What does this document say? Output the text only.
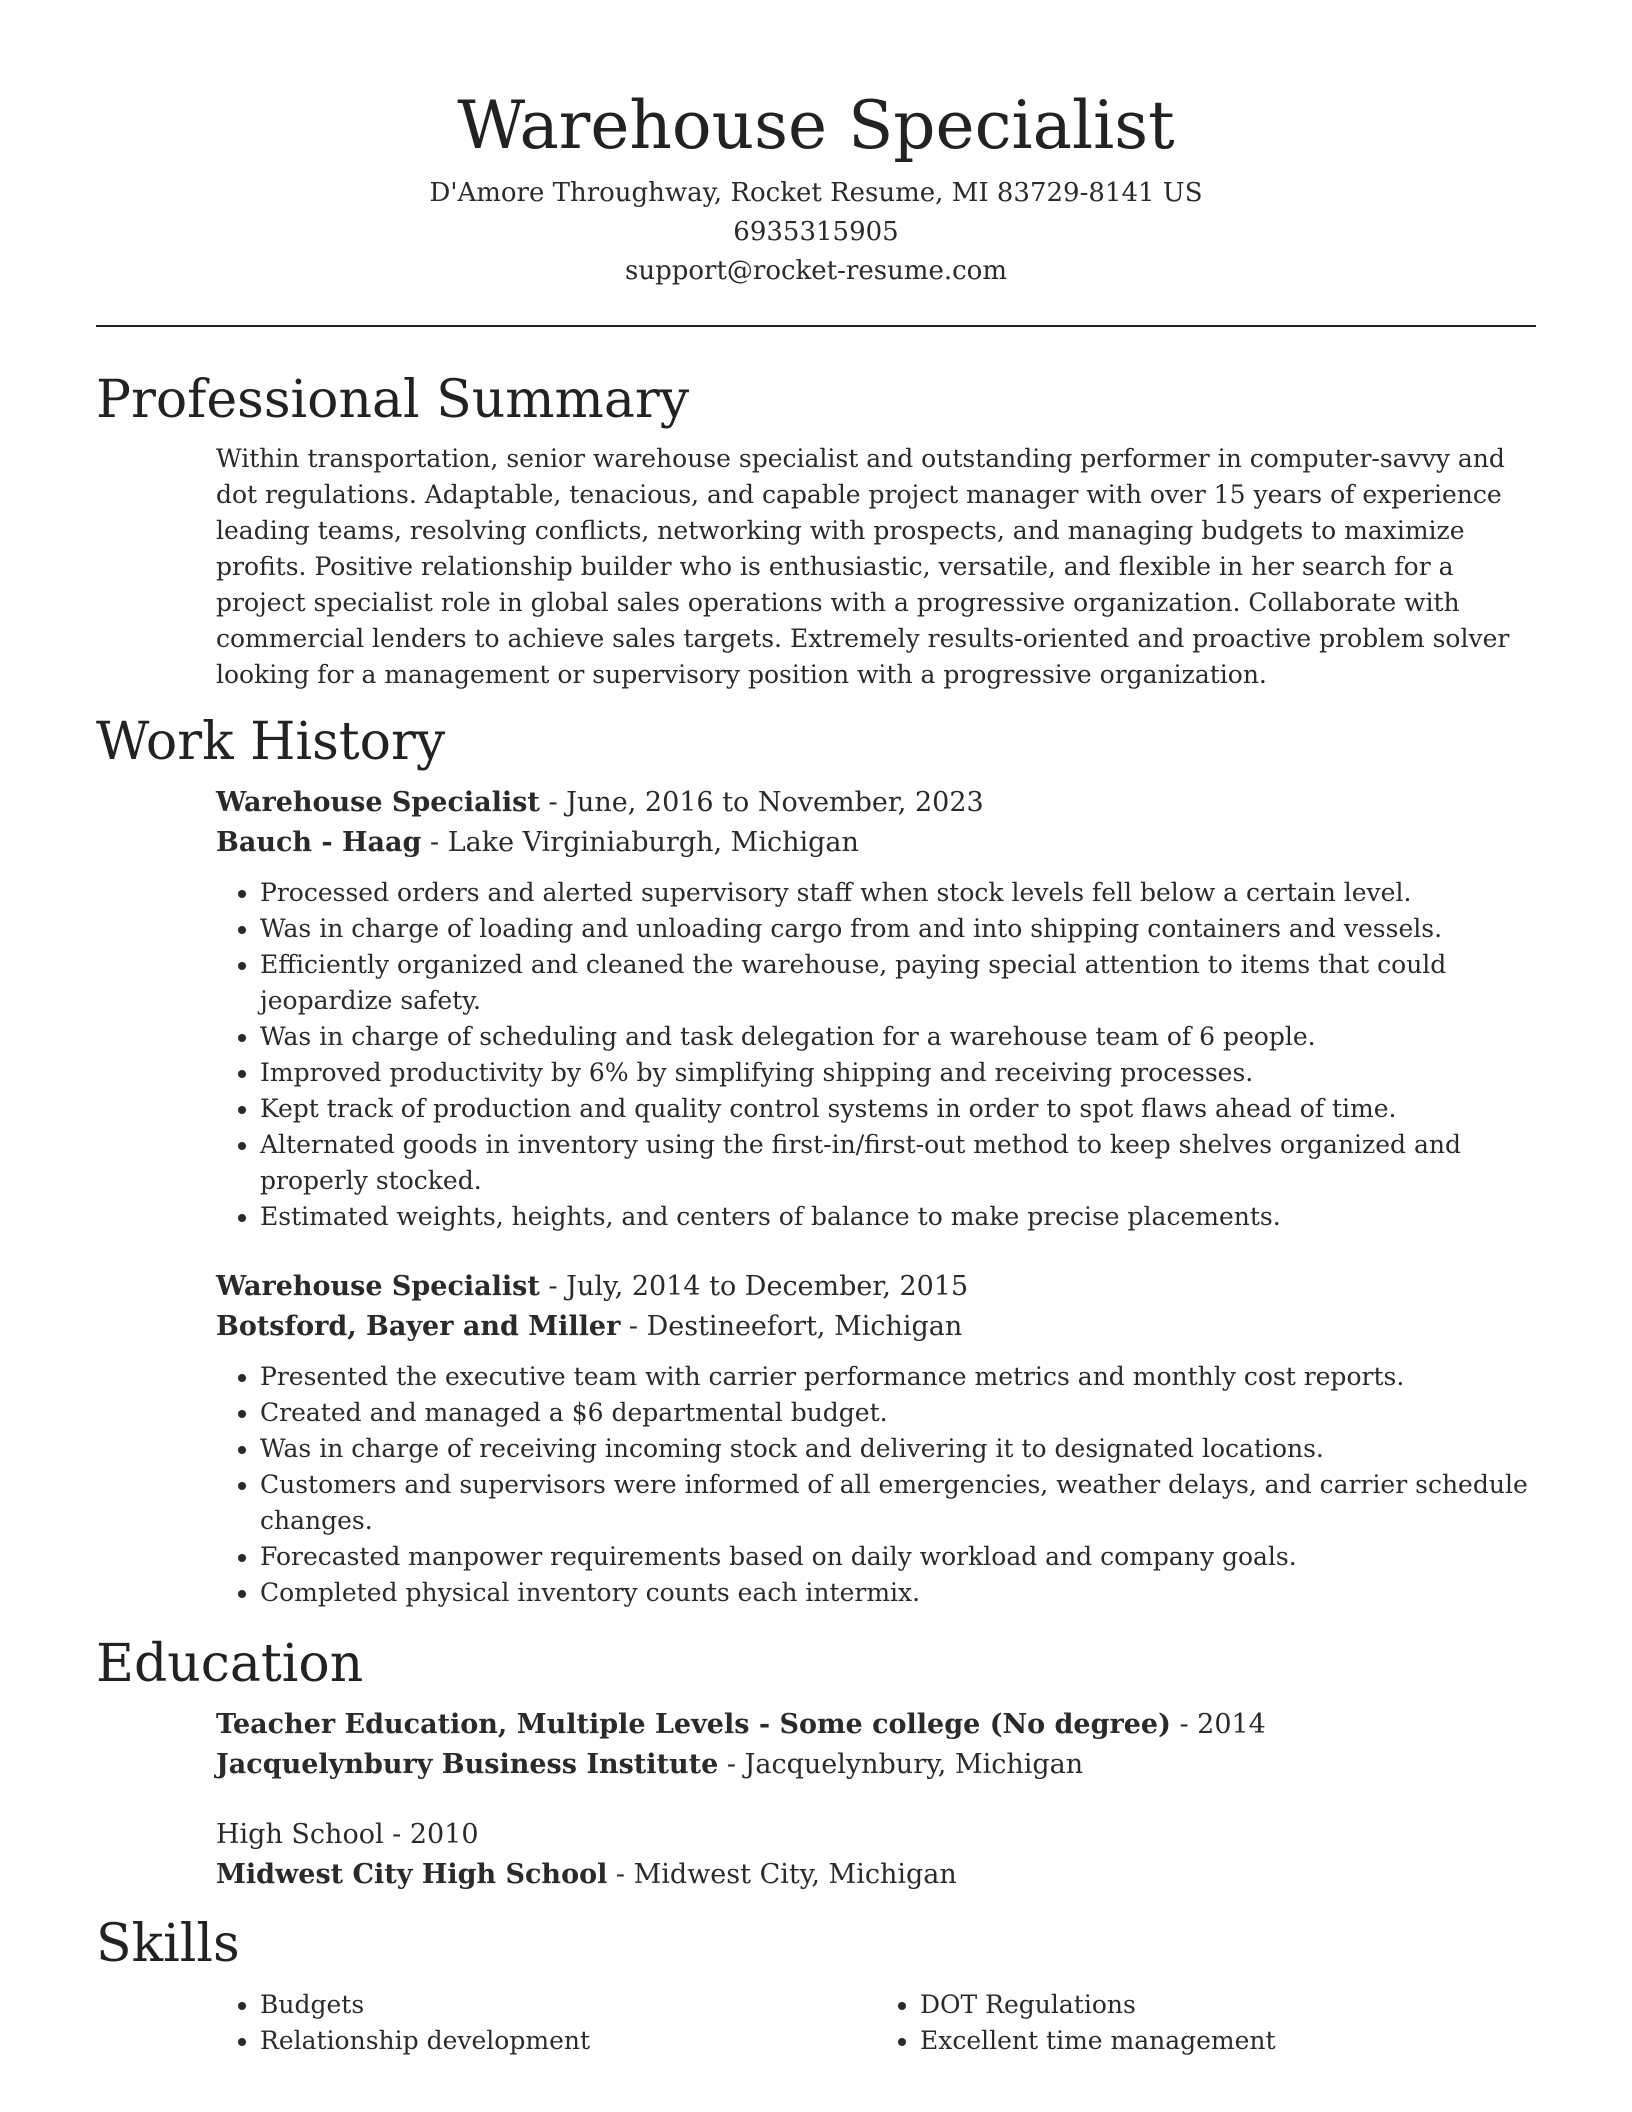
Warehouse Specialist

D'Amore Throughway, Rocket Resume, MI 83729-8141 US

6935315905

support@rocket-resume.com

Professional Summary

Within transportation, senior warehouse specialist and outstanding performer in computer-savvy and dot regulations. Adaptable, tenacious, and capable project manager with over 15 years of experience leading teams, resolving conflicts, networking with prospects, and managing budgets to maximize profits. Positive relationship builder who is enthusiastic, versatile, and flexible in her search for a project specialist role in global sales operations with a progressive organization. Collaborate with commercial lenders to achieve sales targets. Extremely results-oriented and proactive problem solver looking for a management or supervisory position with a progressive organization.

Work History

Warehouse Specialist - June, 2016 to November, 2023

Bauch - Haag - Lake Virginiaburgh, Michigan

• Processed orders and alerted supervisory staff when stock levels fell below a certain level.
• Was in charge of loading and unloading cargo from and into shipping containers and vessels.
• Efficiently organized and cleaned the warehouse, paying special attention to items that could jeopardize safety.
• Was in charge of scheduling and task delegation for a warehouse team of 6 people.
• Improved productivity by 6% by simplifying shipping and receiving processes.
• Kept track of production and quality control systems in order to spot flaws ahead of time.
• Alternated goods in inventory using the first-in/first-out method to keep shelves organized and properly stocked.
• Estimated weights, heights, and centers of balance to make precise placements.

Warehouse Specialist - July, 2014 to December, 2015

Botsford, Bayer and Miller - Destineefort, Michigan

• Presented the executive team with carrier performance metrics and monthly cost reports.
• Created and managed a $6 departmental budget.
• Was in charge of receiving incoming stock and delivering it to designated locations.
• Customers and supervisors were informed of all emergencies, weather delays, and carrier schedule changes.
• Forecasted manpower requirements based on daily workload and company goals.
• Completed physical inventory counts each intermix.
Education

Teacher Education, Multiple Levels - Some college (No degree) - 2014

Jacquelynbury Business Institute - Jacquelynbury, Michigan

High School - 2010

Midwest City High School - Midwest City, Michigan

Skills
• Budgets
• Relationship development
• DOT Regulations
• Excellent time management
